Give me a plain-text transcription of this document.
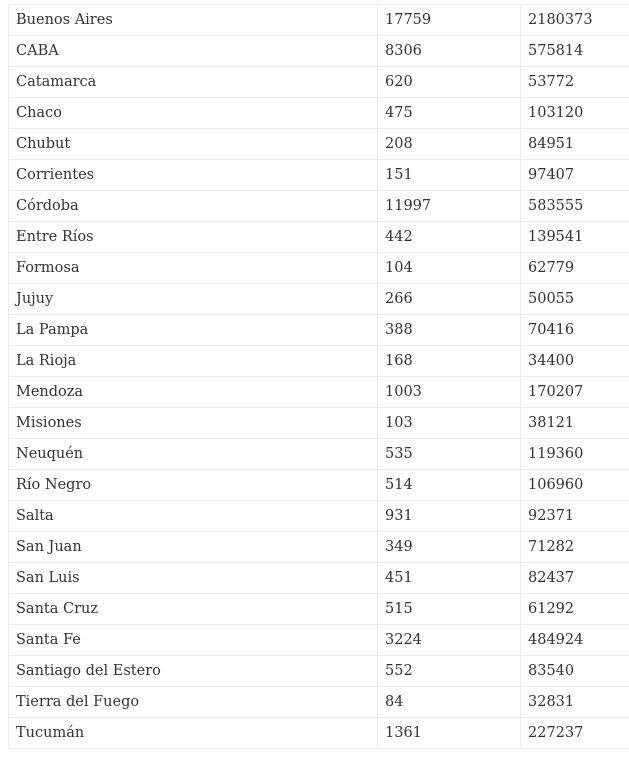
Buenos Aires	17759	2180373
CABA	8306	575814
Catamarca	620	53772
Chaco	475	103120
Chubut	208	84951
Corrientes	151	97407
Córdoba	11997	583555
Entre Ríos	442	139541
Formosa	104	62779
Jujuy	266	50055
La Pampa	388	70416
La Rioja	168	34400
Mendoza	1003	170207
Misiones	103	38121
Neuquén	535	119360
Río Negro	514	106960
Salta	931	92371
San Juan	349	71282
San Luis	451	82437
Santa Cruz	515	61292
Santa Fe	3224	484924
Santiago del Estero	552	83540
Tierra del Fuego	84	32831
Tucumán	1361	227237
